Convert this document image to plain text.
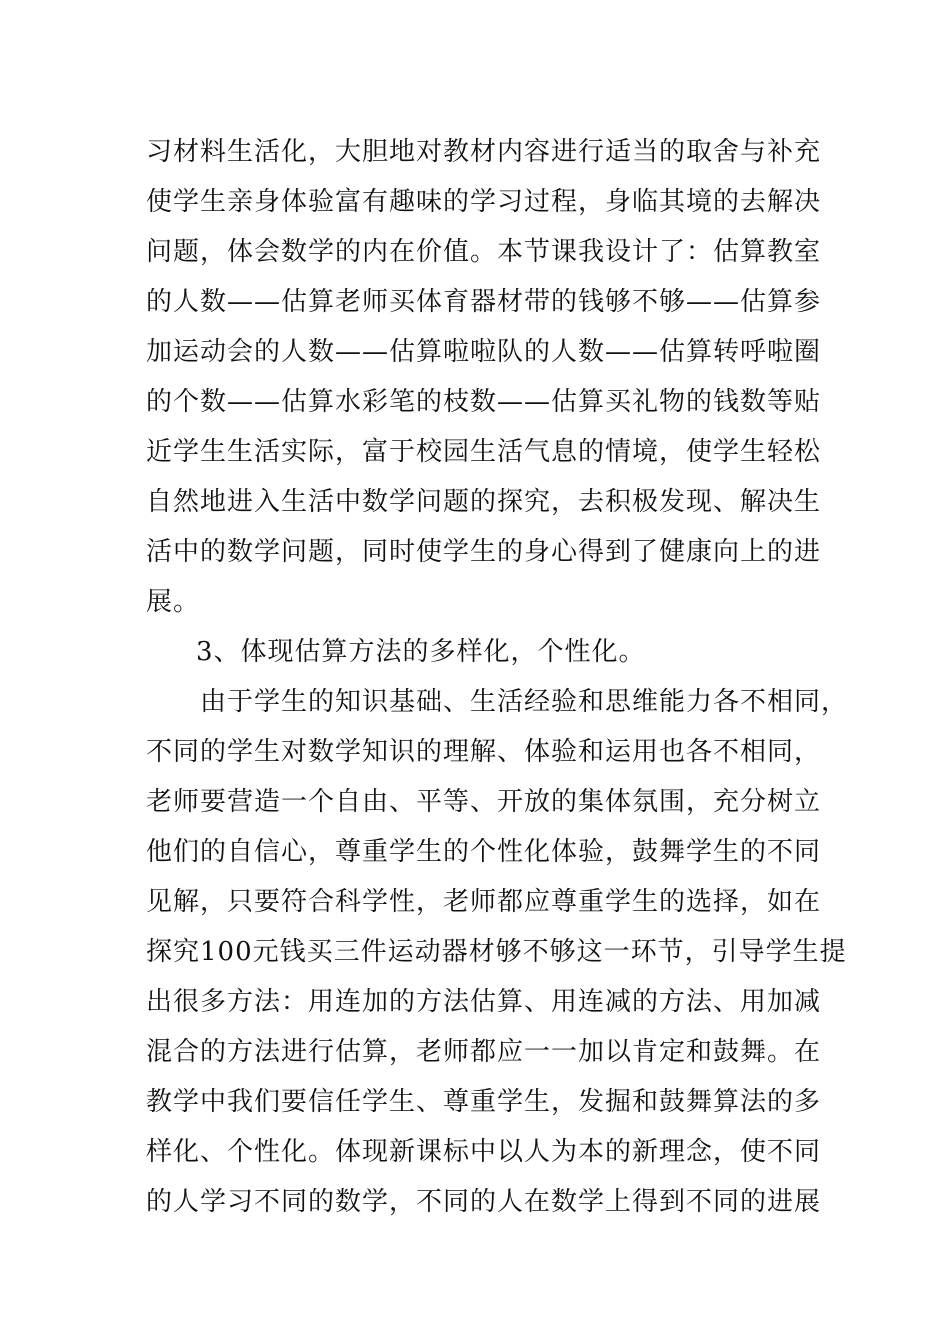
习材料生活化，大胆地对教材内容进行适当的取舍与补充
使学生亲身体验富有趣味的学习过程，身临其境的去解决
问题，体会数学的内在价值。本节课我设计了：估算教室
的人数——估算老师买体育器材带的钱够不够——估算参
加运动会的人数——估算啦啦队的人数——估算转呼啦圈
的个数——估算水彩笔的枝数——估算买礼物的钱数等贴
近学生生活实际，富于校园生活气息的情境，使学生轻松
自然地进入生活中数学问题的探究，去积极发现、解决生
活中的数学问题，同时使学生的身心得到了健康向上的进
展。
3、体现估算方法的多样化，个性化。
由于学生的知识基础、生活经验和思维能力各不相同，
不同的学生对数学知识的理解、体验和运用也各不相同，
老师要营造一个自由、平等、开放的集体氛围，充分树立
他们的自信心，尊重学生的个性化体验，鼓舞学生的不同
见解，只要符合科学性，老师都应尊重学生的选择，如在
探究100元钱买三件运动器材够不够这一环节，引导学生提
出很多方法：用连加的方法估算、用连减的方法、用加减
混合的方法进行估算，老师都应一一加以肯定和鼓舞。在
教学中我们要信任学生、尊重学生，发掘和鼓舞算法的多
样化、个性化。体现新课标中以人为本的新理念，使不同
的人学习不同的数学，不同的人在数学上得到不同的进展
